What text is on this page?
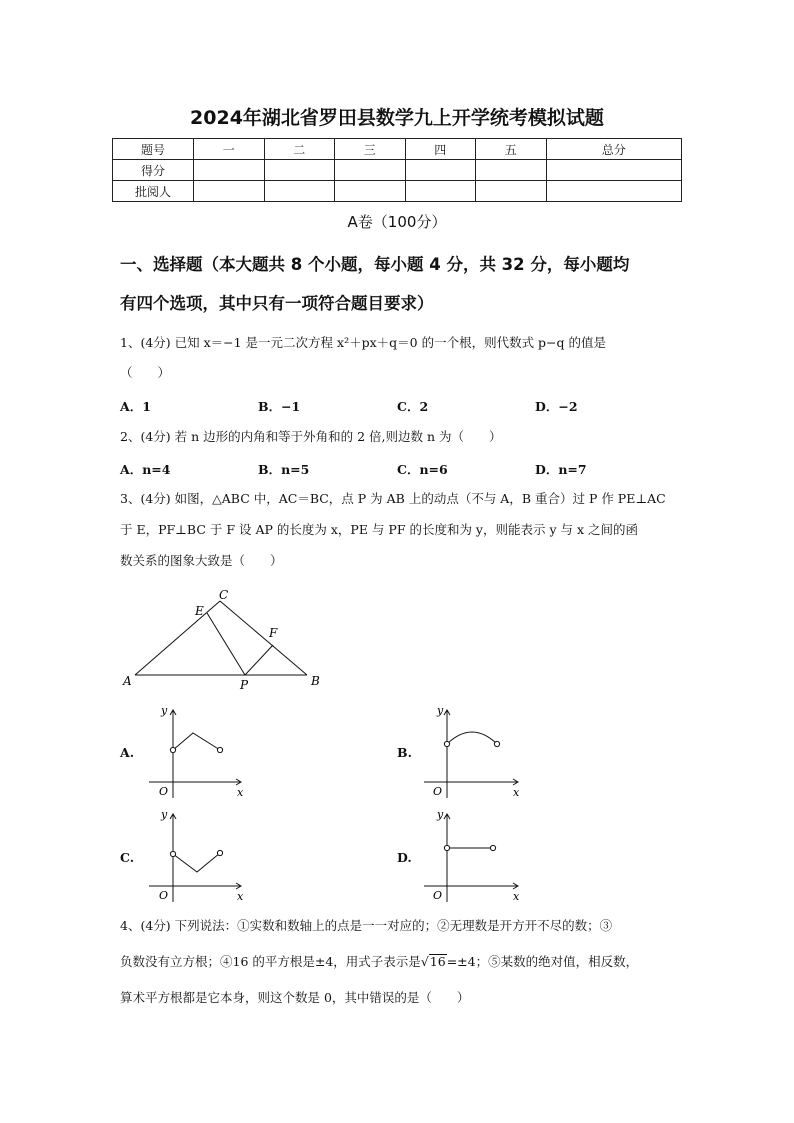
2024年湖北省罗田县数学九上开学统考模拟试题
题号	一	二	三	四	五	总分
得分						
批阅人						
A卷（100分）
一、选择题（本大题共 8 个小题，每小题 4 分，共 32 分，每小题均
有四个选项，其中只有一项符合题目要求）
1、(4分) 已知 x＝−1 是一元二次方程 x²＋px＋q＝0 的一个根，则代数式 p−q 的值是
（　　）
A．1	B．−1	C．2	D．−2
2、(4分) 若 n 边形的内角和等于外角和的 2 倍,则边数 n 为（　　）
A．n=4	B．n=5	C．n=6	D．n=7
3、(4分) 如图，△ABC 中，AC＝BC，点 P 为 AB 上的动点（不与 A，B 重合）过 P 作 PE⊥AC
于 E，PF⊥BC 于 F 设 AP 的长度为 x，PE 与 PF 的长度和为 y，则能表示 y 与 x 之间的函
数关系的图象大致是（　　）
A	B
C
E
F
P
A.
y
x
O
B.
y
x
O
C.
y
x
O
D.
y
x
O
4、(4分) 下列说法：①实数和数轴上的点是一一对应的；②无理数是开方开不尽的数；③
负数没有立方根；④16 的平方根是±4，用式子表示是√16=±4；⑤某数的绝对值，相反数，
算术平方根都是它本身，则这个数是 0，其中错误的是（　　）
